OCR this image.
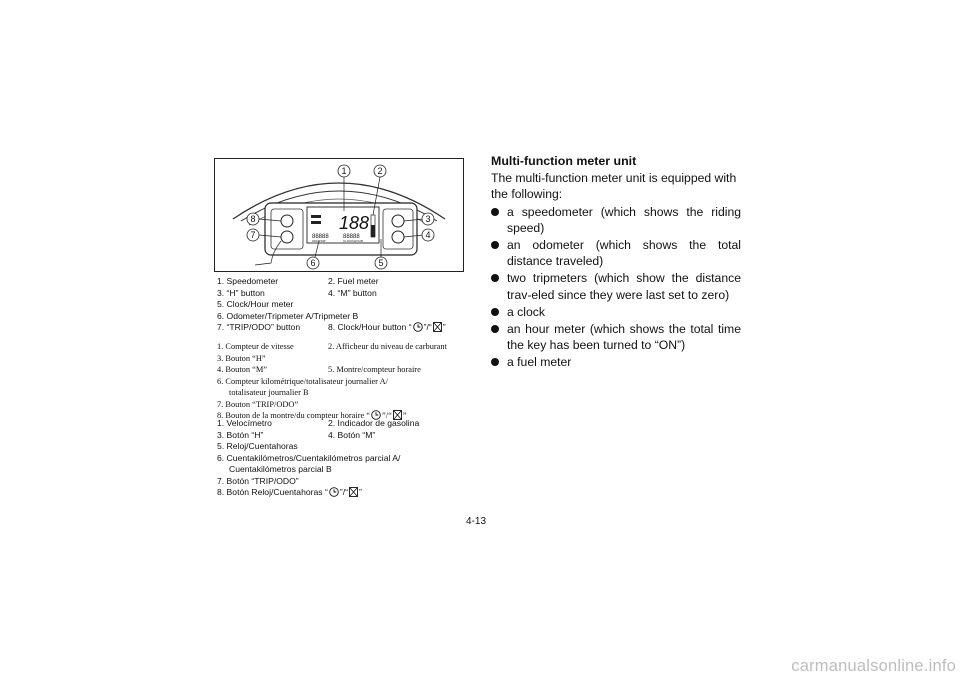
188
88888 88888
ODOTRIP	CLOCK/HOUR
1	2
3
4
5
6
7
8
1. Speedometer	2. Fuel meter
3. “H” button	4. “M” button
5. Clock/Hour meter
6. Odometer/Tripmeter A/Tripmeter B
7. “TRIP/ODO” button	8. Clock/Hour button “ ”/“ ”
1. Compteur de vitesse	2. Afficheur du niveau de carburant
3. Bouton “H”
4. Bouton “M”	5. Montre/compteur horaire
6. Compteur kilométrique/totalisateur journalier A/
totalisateur journalier B
7. Bouton “TRIP/ODO”
8. Bouton de la montre/du compteur horaire “ ”/“ ”
1. Velocímetro	2. Indicador de gasolina
3. Botón “H”	4. Botón “M”
5. Reloj/Cuentahoras
6. Cuentakilómetros/Cuentakilómetros parcial A/
Cuentakilómetros parcial B
7. Botón “TRIP/ODO”
8. Botón Reloj/Cuentahoras “ ”/“ ”
Multi-function meter unit

The multi-function meter unit is equipped with the following:

a speedometer (which shows the riding speed)
an odometer (which shows the total distance traveled)
two tripmeters (which show the distance trav-eled since they were last set to zero)
a clock
an hour meter (which shows the total time the key has been turned to “ON”)
a fuel meter
4-13
carmanualsonline.info
